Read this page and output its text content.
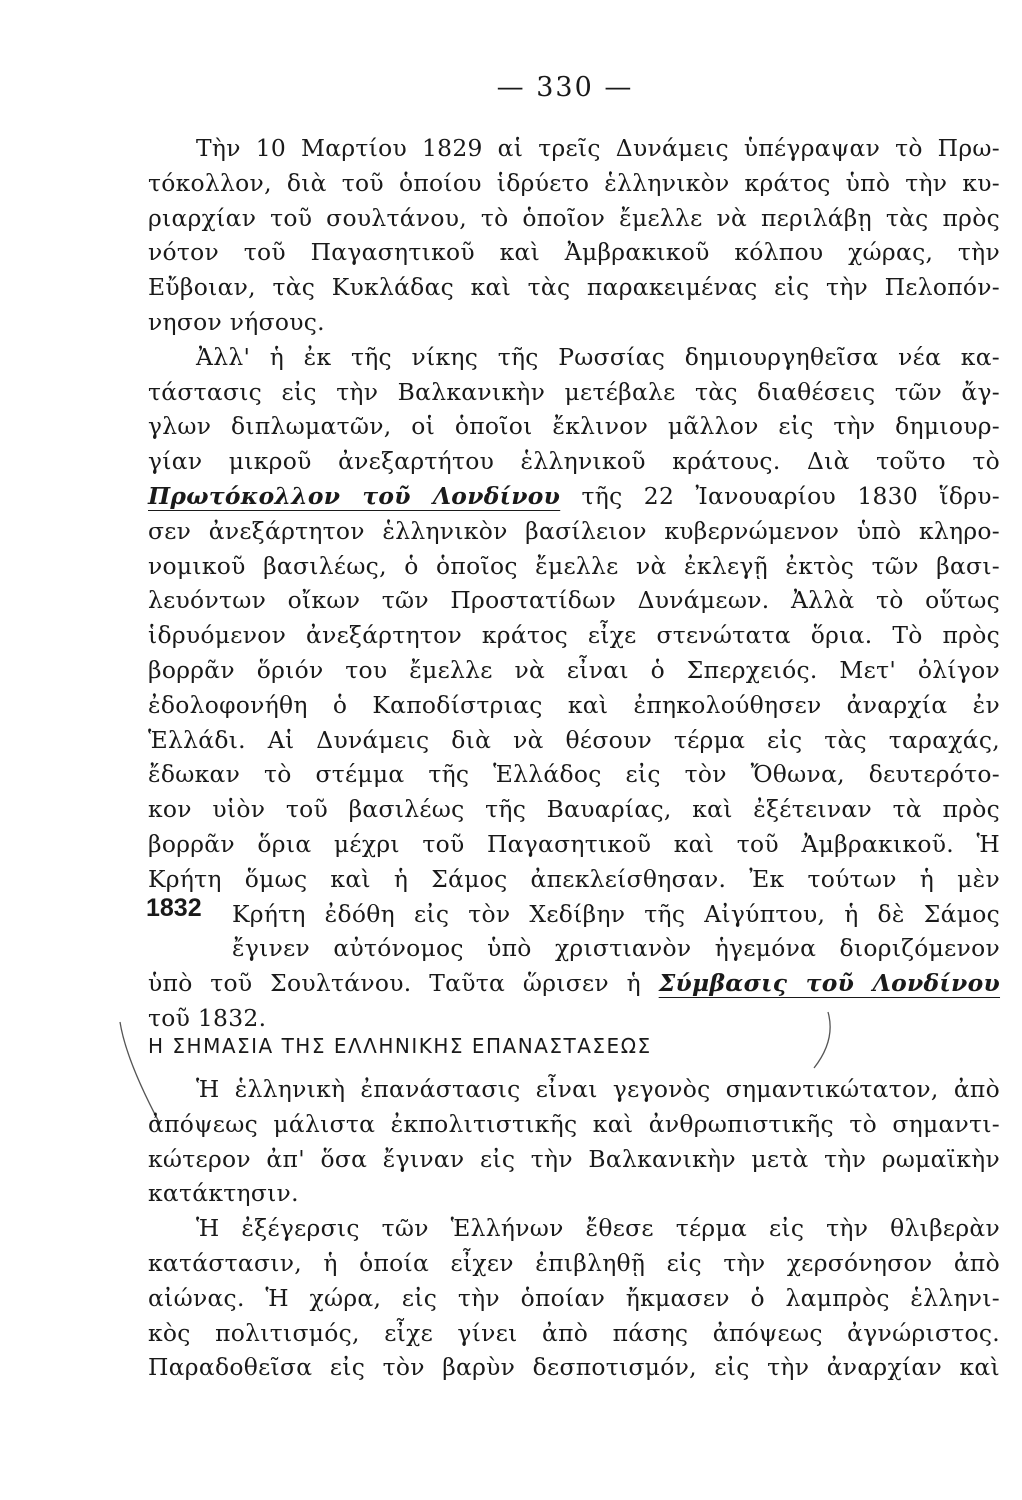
— 330 —
Τὴν 10 Μαρτίου 1829 αἱ τρεῖς Δυνάμεις ὑπέγραψαν τὸ Πρω-
τόκολλον, διὰ τοῦ ὁποίου ἱδρύετο ἑλληνικὸν κράτος ὑπὸ τὴν κυ-
ριαρχίαν τοῦ σουλτάνου, τὸ ὁποῖον ἔμελλε νὰ περιλάβῃ τὰς πρὸς
νότον τοῦ Παγασητικοῦ καὶ Ἀμβρακικοῦ κόλπου χώρας, τὴν
Εὔβοιαν, τὰς Κυκλάδας καὶ τὰς παρακειμένας εἰς τὴν Πελοπόν-
νησον νήσους.
Ἀλλ' ἡ ἐκ τῆς νίκης τῆς Ρωσσίας δημιουργηθεῖσα νέα κα-
τάστασις εἰς τὴν Βαλκανικὴν μετέβαλε τὰς διαθέσεις τῶν ἄγ-
γλων διπλωματῶν, οἱ ὁποῖοι ἔκλινον μᾶλλον εἰς τὴν δημιουρ-
γίαν μικροῦ ἀνεξαρτήτου ἑλληνικοῦ κράτους. Διὰ τοῦτο τὸ
Πρωτόκολλον τοῦ Λονδίνου τῆς 22 Ἰανουαρίου 1830 ἵδρυ-
σεν ἀνεξάρτητον ἑλληνικὸν βασίλειον κυβερνώμενον ὑπὸ κληρο-
νομικοῦ βασιλέως, ὁ ὁποῖος ἔμελλε νὰ ἐκλεγῇ ἐκτὸς τῶν βασι-
λευόντων οἴκων τῶν Προστατίδων Δυνάμεων. Ἀλλὰ τὸ οὕτως
ἱδρυόμενον ἀνεξάρτητον κράτος εἶχε στενώτατα ὅρια. Τὸ πρὸς
βορρᾶν ὅριόν του ἔμελλε νὰ εἶναι ὁ Σπερχειός. Μετ' ὀλίγον
ἐδολοφονήθη ὁ Καποδίστριας καὶ ἐπηκολούθησεν ἀναρχία ἐν
Ἑλλάδι. Αἱ Δυνάμεις διὰ νὰ θέσουν τέρμα εἰς τὰς ταραχάς,
ἔδωκαν τὸ στέμμα τῆς Ἑλλάδος εἰς τὸν Ὄθωνα, δευτερότο-
κον υἱὸν τοῦ βασιλέως τῆς Βαυαρίας, καὶ ἐξέτειναν τὰ πρὸς
βορρᾶν ὅρια μέχρι τοῦ Παγασητικοῦ καὶ τοῦ Ἀμβρακικοῦ. Ἡ
Κρήτη ὅμως καὶ ἡ Σάμος ἀπεκλείσθησαν. Ἐκ τούτων ἡ μὲν
Κρήτη ἐδόθη εἰς τὸν Χεδίβην τῆς Αἰγύπτου, ἡ δὲ Σάμος
ἔγινεν αὐτόνομος ὑπὸ χριστιανὸν ἡγεμόνα διοριζόμενον
ὑπὸ τοῦ Σουλτάνου. Ταῦτα ὥρισεν ἡ Σύμβασις τοῦ Λονδίνου
τοῦ 1832.
1832
Η ΣΗΜΑΣΙΑ ΤΗΣ ΕΛΛΗΝΙΚΗΣ ΕΠΑΝΑΣΤΑΣΕΩΣ
Ἡ ἑλληνικὴ ἐπανάστασις εἶναι γεγονὸς σημαντικώτατον, ἀπὸ
ἀπόψεως μάλιστα ἐκπολιτιστικῆς καὶ ἀνθρωπιστικῆς τὸ σημαντι-
κώτερον ἀπ' ὅσα ἔγιναν εἰς τὴν Βαλκανικὴν μετὰ τὴν ρωμαϊκὴν
κατάκτησιν.
Ἡ ἐξέγερσις τῶν Ἑλλήνων ἔθεσε τέρμα εἰς τὴν θλιβερὰν
κατάστασιν, ἡ ὁποία εἶχεν ἐπιβληθῇ εἰς τὴν χερσόνησον ἀπὸ
αἰώνας. Ἡ χώρα, εἰς τὴν ὁποίαν ἤκμασεν ὁ λαμπρὸς ἑλληνι-
κὸς πολιτισμός, εἶχε γίνει ἀπὸ πάσης ἀπόψεως ἀγνώριστος.
Παραδοθεῖσα εἰς τὸν βαρὺν δεσποτισμόν, εἰς τὴν ἀναρχίαν καὶ
